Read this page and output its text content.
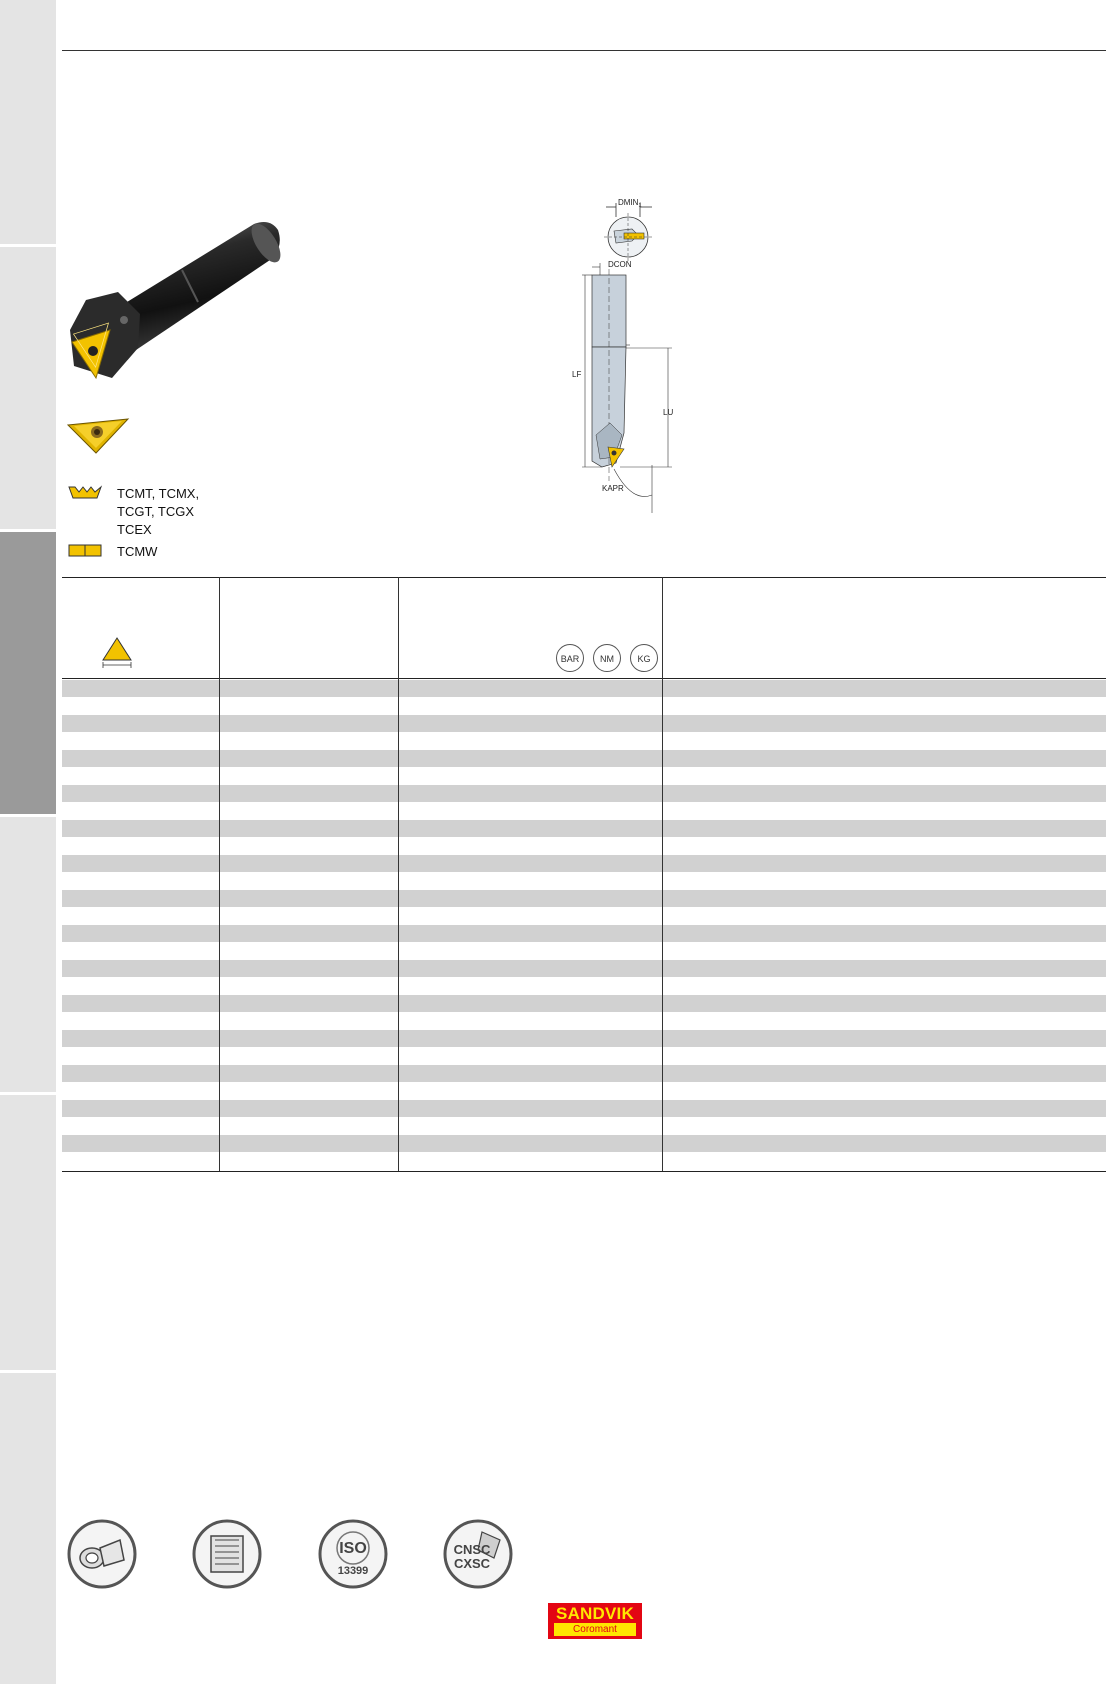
TCMT, TCMX,
TCGT, TCGX
TCEX
TCMW
$DMIN_1$
DCON
LF
LU
KAPR
BAR	NM	KG
ISO
13399
CNSC
CXSC
SANDVIK
Coromant
